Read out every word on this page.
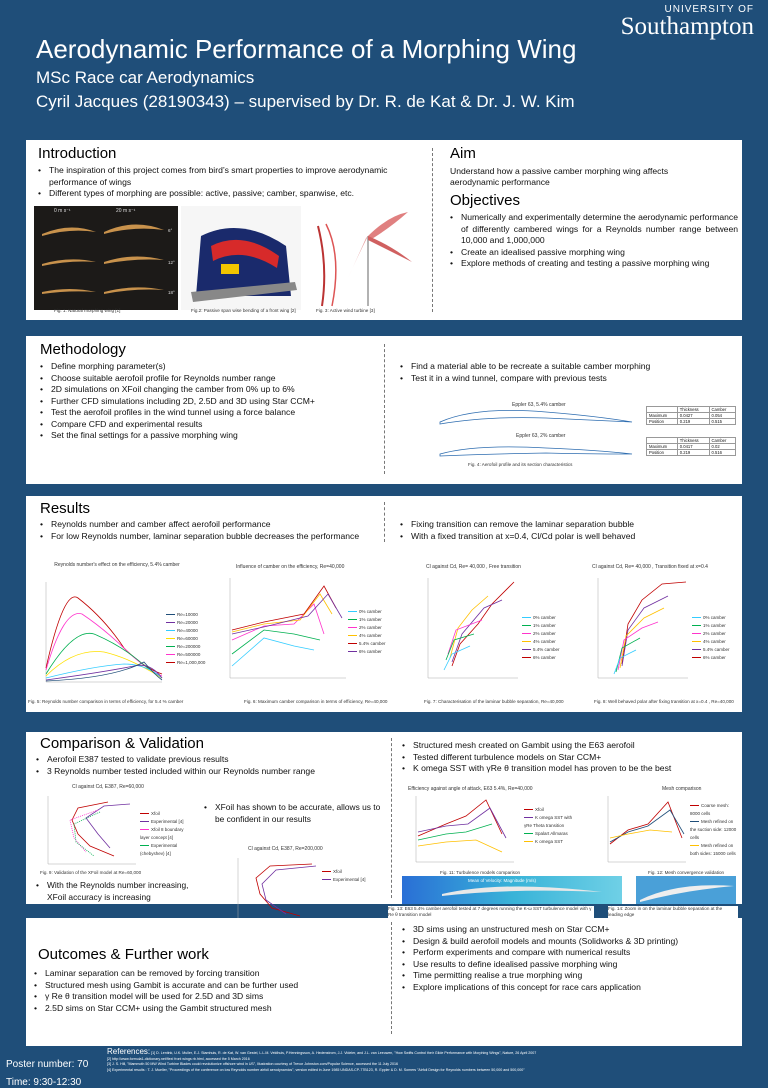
Aerodynamic Performance of a Morphing Wing
MSc Race car Aerodynamics
Cyril Jacques (28190343) – supervised by Dr. R. de Kat & Dr. J. W. Kim
UNIVERSITY OF
Southampton
Introduction
• The inspiration of this project comes from bird’s smart properties to improve aerodynamic performance of wings
• Different types of morphing are possible: active, passive; camber, spanwise, etc.
0 m s⁻¹	20 m s⁻¹
6°
12°
18°
Fig. 1: Natural morphing wing [1]	Fig.2: Passive span wise bending of a front wing [2]	Fig. 3: Active wind turbine [3]
Aim
Understand how a passive camber morphing wing affects aerodynamic performance
Objectives
• Numerically and experimentally determine the aerodynamic performance of differently cambered wings for a Reynolds number range between 10,000 and 1,000,000
• Create an idealised passive morphing wing
• Explore methods of creating and testing a passive morphing wing
Methodology
• Define morphing parameter(s)
• Choose suitable aerofoil profile for Reynolds number range
• 2D simulations on XFoil changing the camber from 0% up to 6%
• Further CFD simulations including 2D, 2.5D and 3D using Star CCM+
• Test the aerofoil profiles in the wind tunnel using a force balance
• Compare CFD and experimental results
• Set the final settings for a passive morphing wing
• Find a material able to be recreate a suitable camber morphing
• Test it in a wind tunnel, compare with previous tests
Eppler 63, 5.4% camber
Eppler 63, 2% camber
Fig. 4: Aerofoil profile and its section characteristics
	Thickness	Camber
Maximum	0.0427	0.054
Position	0.219	0.515
	Thickness	Camber
Maximum	0.0417	0.02
Position	0.219	0.516
Results
• Reynolds number and camber affect aerofoil performance
• For low Reynolds number, laminar separation bubble decreases the performance
• Fixing transition can remove the laminar separation bubble
• With a fixed transition at x=0.4, Cl/Cd polar is well behaved
Reynolds number's effect on the efficiency, 5.4% camber
Re=10000
Re=20000
Re=40000
Re=60000
Re=200000
Re=500000
Re=1,000,000
Fig. 5: Reynolds number comparison in terms of efficiency, for 5.4 % camber
Influence of camber on the efficiency, Re=40,000
0% camber
1% camber
2% camber
4% camber
5.4% camber
6% camber
Fig. 6: Maximum camber comparison in terms of efficiency, Re=40,000
Cl against Cd, Re= 40,000 , Free transition
0% camber
1% camber
2% camber
4% camber
5.4% camber
6% camber
Fig. 7: Characterisation of the laminar bubble separation, Re=40,000
Cl against Cd, Re= 40,000 , Transition fixed at x=0.4
0% camber
1% camber
2% camber
4% camber
5.4% camber
6% camber
Fig. 8: Well behaved polar after fixing transition at x=0.4 , Re=40,000
Comparison & Validation
• Aerofoil E387 tested to validate previous results
• 3 Reynolds number tested included within our Reynolds number range
Cl against Cd, E387, Re=60,000
Xfoil
Experimental [4]
Xfoil 8 boundary layer concept [4]
Experimental (chebyshev) [4]
Fig. 9: Validation of the XFoil model at Re=60,000
• XFoil has shown to be accurate, allows us to be confident in our results
Cl against Cd, E387, Re=200,000
Xfoil
Experimental [4]
• With the Reynolds number increasing, XFoil accuracy is increasing
• Structured mesh created on Gambit using the E63 aerofoil
• Tested different turbulence models on Star CCM+
• K omega SST with γRe θ transition model has proven to be the best
Efficiency against angle of attack, E63 5.4%, Re=40,000
Xfoil
K omega SST with γRe Theta transition
Spalart Allmaras
K omega SST
Fig. 11: Turbulence models comparison
Mesh comparison
Coarse mesh: 8000 cells
Mesh refined on the suction side: 12000 cells
Mesh refined on both sides: 15000 cells
Fig. 12: Mesh convergence validation
Mean of Velocity: Magnitude (m/s)
Fig. 13: E63 5.4% camber aerofoil tested at 7 degrees running the K-ω SST turbulence model with γ Re θ transition model
Fig. 14: Zoom in on the laminar bubble separation at the leading edge
Outcomes & Further work
• Laminar separation can be removed by forcing transition
• Structured mesh using Gambit is accurate and can be further used
• γ Re θ transition model will be used for 2.5D and 3D sims
• 2.5D sims on Star CCM+ using the Gambit structured mesh
• 3D sims using an unstructured mesh on Star CCM+
• Design & build aerofoil models and mounts (Solidworks & 3D printing)
• Perform experiments and compare with numerical results
• Use results to define idealised passive morphing wing
• Time permitting realise a true morphing wing
• Explore implications of this concept for race cars application
Poster number: 70
Time: 9:30-12:30
References: [1] D. Lentink, U.K. Muller, E.J. Stamhuis, R. de Kat, W. van Gestel, L.L.M. Veldhuis, P.Henningsson, A. Hedenstrom, J.J. Videler, and J.L. van Leeuwen, "How Swifts Control their Glide Performance with Morphing Wings", Nature, 26 April 2007
[2] http://www.formula1-dictionary.net/flexi front wings rb.html, accessed the 5 March 2016
[3] J. S. Hill, "Mammoth 50 MW Wind Turbine Blades could revolutionize offshore wind in US", Illustration courtesy of Trevor Johnston.com/Popular Science, accessed the 11 July 2016
[4] Experimental results : T. J. Mueller, "Proceedings of the conference on low Reynolds number airfoil aerodynamics", version edited in June 1985 UNDAS-CP-77B123, R. Eppler & D. M. Somers "Airfoil Design for Reynolds numbers between 50,000 and 500,000"
